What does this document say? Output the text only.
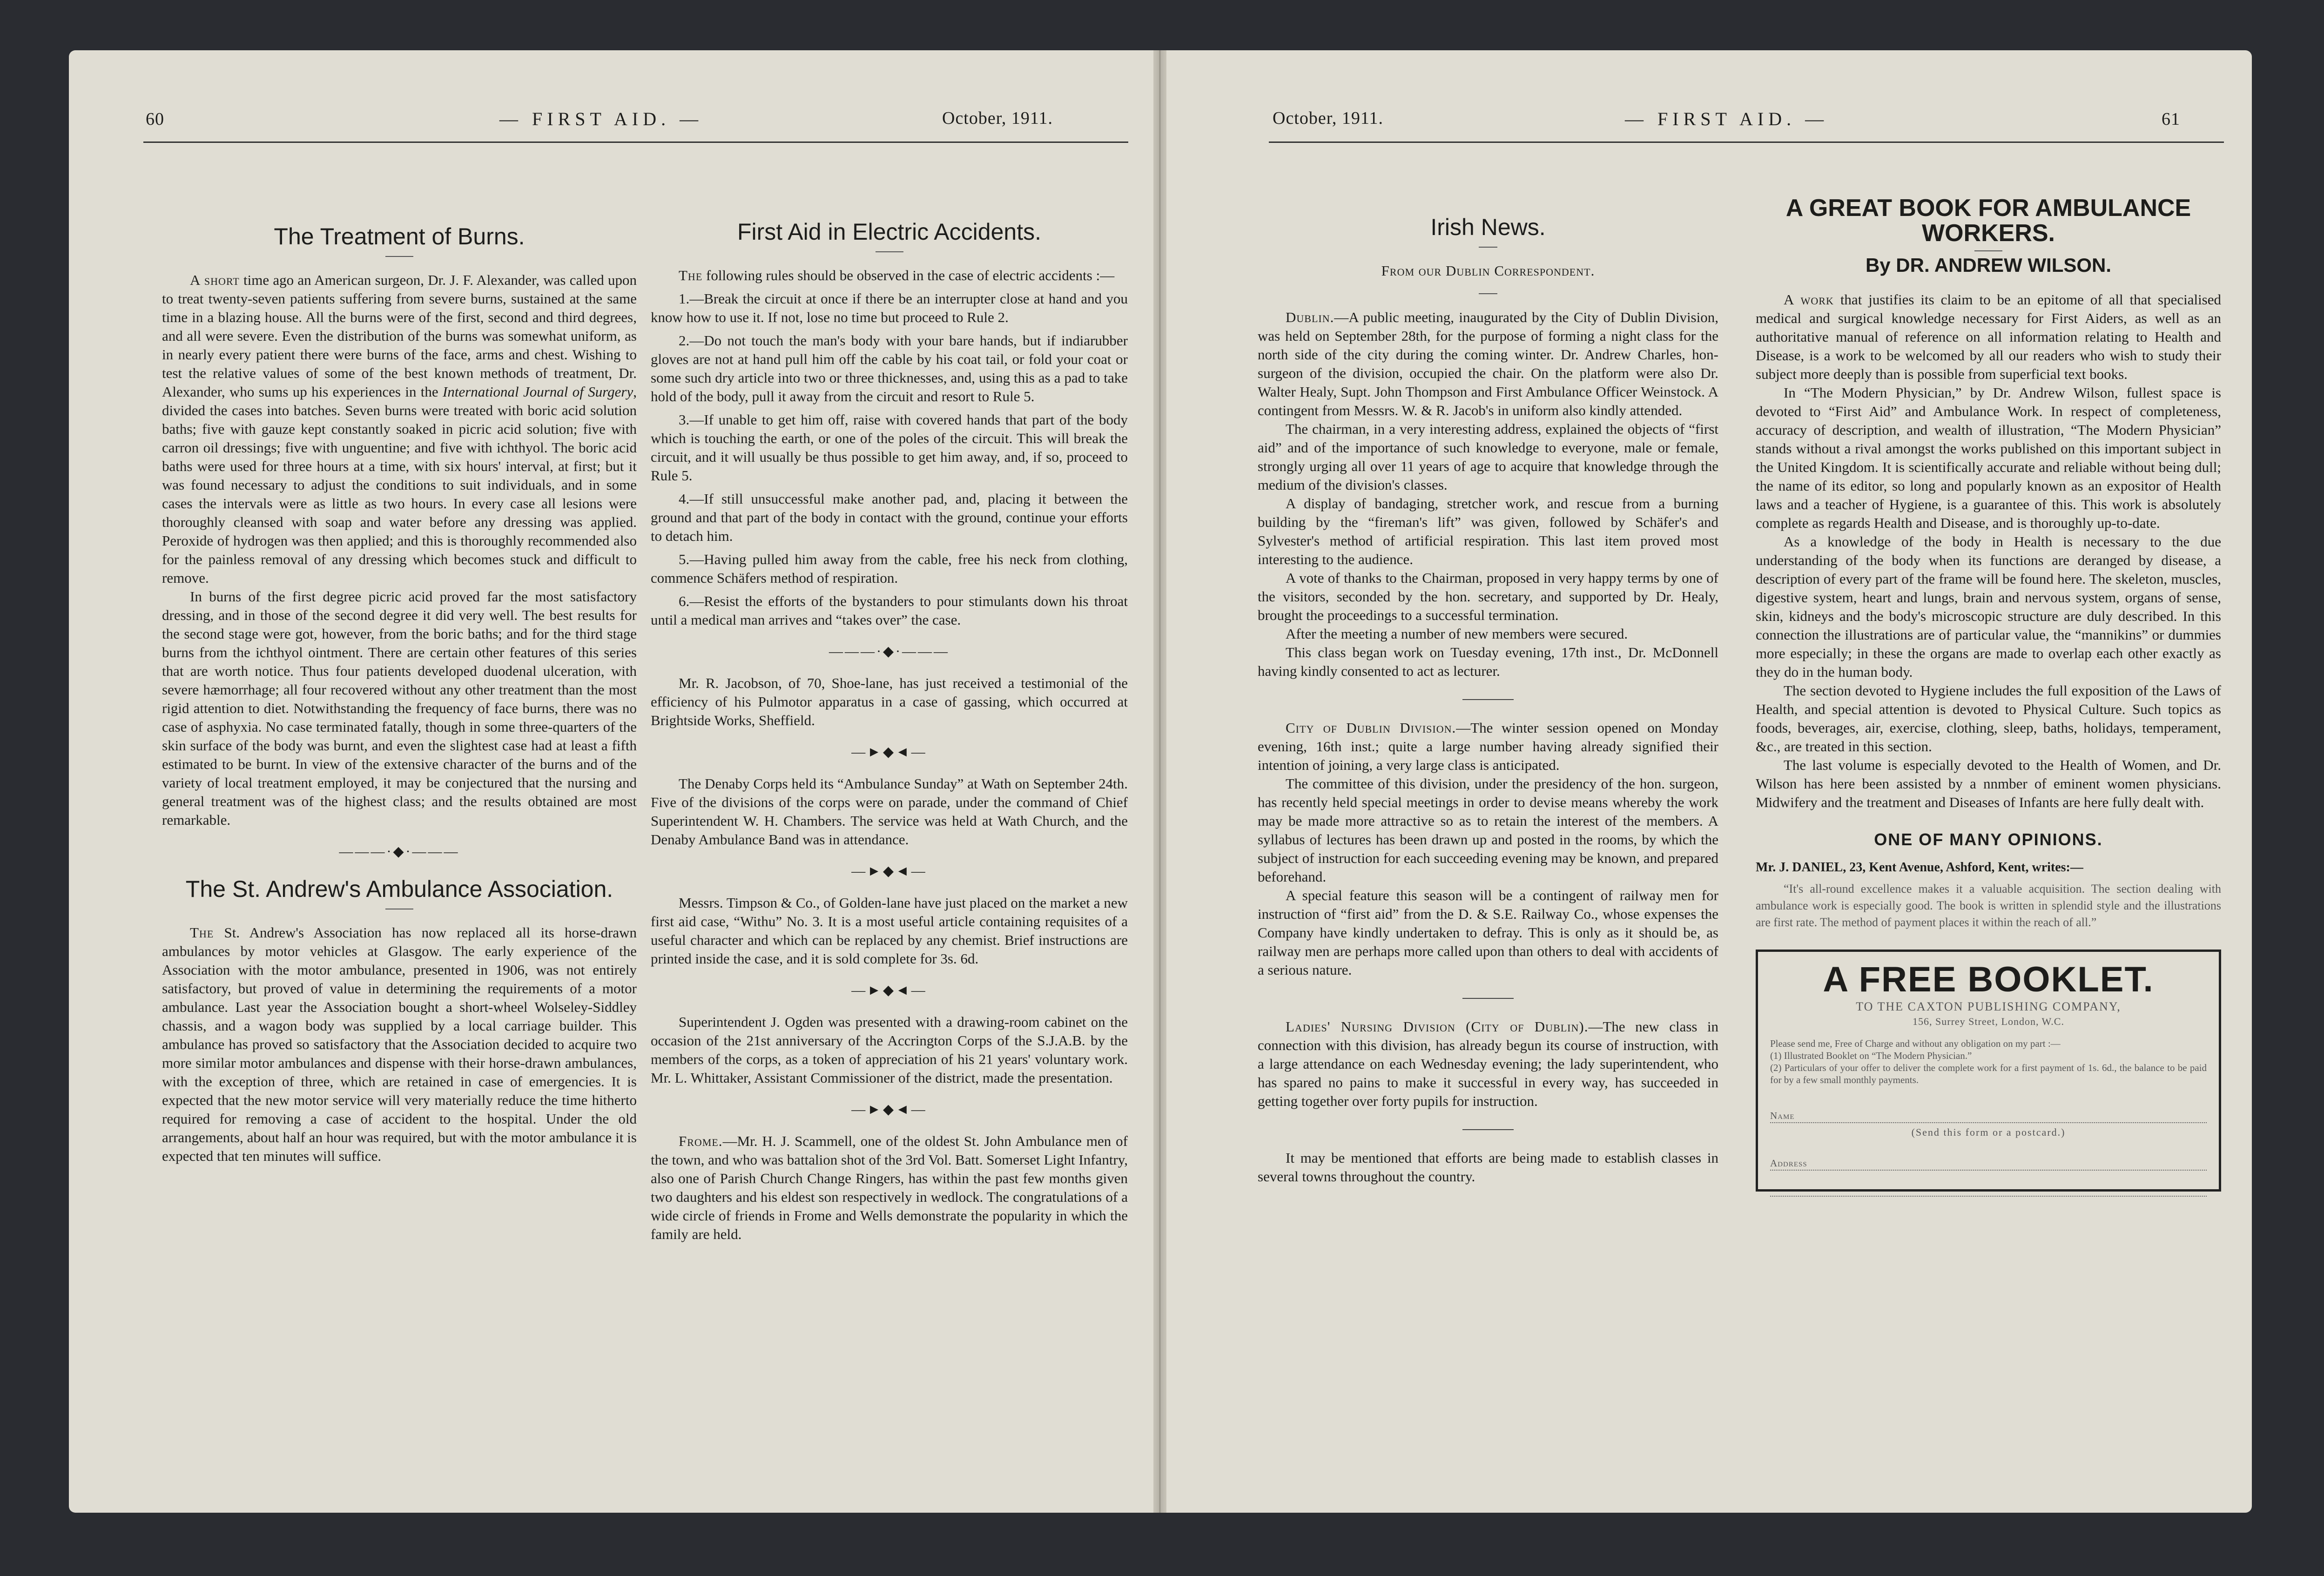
60	— FIRST AID. —	October, 1911.
The Treatment of Burns.

A short time ago an American surgeon, Dr. J. F. Alexander, was called upon to treat twenty-seven patients suffering from severe burns, sustained at the same time in a blazing house. All the burns were of the first, second and third degrees, and all were severe. Even the distribution of the burns was somewhat uniform, as in nearly every patient there were burns of the face, arms and chest. Wishing to test the relative values of some of the best known methods of treatment, Dr. Alexander, who sums up his experiences in the International Journal of Surgery, divided the cases into batches. Seven burns were treated with boric acid solution baths; five with gauze kept constantly soaked in picric acid solution; five with carron oil dressings; five with unguentine; and five with ichthyol. The boric acid baths were used for three hours at a time, with six hours' interval, at first; but it was found necessary to adjust the conditions to suit individuals, and in some cases the intervals were as little as two hours. In every case all lesions were thoroughly cleansed with soap and water before any dressing was applied. Peroxide of hydrogen was then applied; and this is thoroughly recommended also for the painless removal of any dressing which becomes stuck and difficult to remove.

In burns of the first degree picric acid proved far the most satisfactory dressing, and in those of the second degree it did very well. The best results for the second stage were got, however, from the boric baths; and for the third stage burns from the ichthyol ointment. There are certain other features of this series that are worth notice. Thus four patients developed duodenal ulceration, with severe hæmorrhage; all four recovered without any other treatment than the most rigid attention to diet. Notwithstanding the frequency of face burns, there was no case of asphyxia. No case terminated fatally, though in some three-quarters of the skin surface of the body was burnt, and even the slightest case had at least a fifth estimated to be burnt. In view of the extensive character of the burns and of the variety of local treatment employed, it may be conjectured that the nursing and general treatment was of the highest class; and the results obtained are most remarkable.

———·◆·———
The St. Andrew's Ambulance Association.

The St. Andrew's Association has now replaced all its horse-drawn ambulances by motor vehicles at Glasgow. The early experience of the Association with the motor ambulance, presented in 1906, was not entirely satisfactory, but proved of value in determining the requirements of a motor ambulance. Last year the Association bought a short-wheel Wolseley-Siddley chassis, and a wagon body was supplied by a local carriage builder. This ambulance has proved so satisfactory that the Association decided to acquire two more similar motor ambulances and dispense with their horse-drawn ambulances, with the exception of three, which are retained in case of emergencies. It is expected that the new motor service will very materially reduce the time hitherto required for removing a case of accident to the hospital. Under the old arrangements, about half an hour was required, but with the motor ambulance it is expected that ten minutes will suffice.

First Aid in Electric Accidents.

The following rules should be observed in the case of electric accidents :—

1.—Break the circuit at once if there be an interrupter close at hand and you know how to use it. If not, lose no time but proceed to Rule 2.

2.—Do not touch the man's body with your bare hands, but if indiarubber gloves are not at hand pull him off the cable by his coat tail, or fold your coat or some such dry article into two or three thicknesses, and, using this as a pad to take hold of the body, pull it away from the circuit and resort to Rule 5.

3.—If unable to get him off, raise with covered hands that part of the body which is touching the earth, or one of the poles of the circuit. This will break the circuit, and it will usually be thus possible to get him away, and, if so, proceed to Rule 5.

4.—If still unsuccessful make another pad, and, placing it between the ground and that part of the body in contact with the ground, continue your efforts to detach him.

5.—Having pulled him away from the cable, free his neck from clothing, commence Schäfers method of respiration.

6.—Resist the efforts of the bystanders to pour stimulants down his throat until a medical man arrives and “takes over” the case.

———·◆·———

Mr. R. Jacobson, of 70, Shoe-lane, has just received a testimonial of the efficiency of his Pulmotor apparatus in a case of gassing, which occurred at Brightside Works, Sheffield.

—►◆◄—

The Denaby Corps held its “Ambulance Sunday” at Wath on September 24th. Five of the divisions of the corps were on parade, under the command of Chief Superintendent W. H. Chambers. The service was held at Wath Church, and the Denaby Ambulance Band was in attendance.

—►◆◄—

Messrs. Timpson & Co., of Golden-lane have just placed on the market a new first aid case, “Withu” No. 3. It is a most useful article containing requisites of a useful character and which can be replaced by any chemist. Brief instructions are printed inside the case, and it is sold complete for 3s. 6d.

—►◆◄—

Superintendent J. Ogden was presented with a drawing-room cabinet on the occasion of the 21st anniversary of the Accrington Corps of the S.J.A.B. by the members of the corps, as a token of appreciation of his 21 years' voluntary work. Mr. L. Whittaker, Assistant Commissioner of the district, made the presentation.

—►◆◄—

Frome.—Mr. H. J. Scammell, one of the oldest St. John Ambulance men of the town, and who was battalion shot of the 3rd Vol. Batt. Somerset Light Infantry, also one of Parish Church Change Ringers, has within the past few months given two daughters and his eldest son respectively in wedlock. The congratulations of a wide circle of friends in Frome and Wells demonstrate the popularity in which the family are held.

October, 1911.	— FIRST AID. —	61
Irish News.
From our Dublin Correspondent.

Dublin.—A public meeting, inaugurated by the City of Dublin Division, was held on September 28th, for the purpose of forming a night class for the north side of the city during the coming winter. Dr. Andrew Charles, hon-surgeon of the division, occupied the chair. On the platform were also Dr. Walter Healy, Supt. John Thompson and First Ambulance Officer Weinstock. A contingent from Messrs. W. & R. Jacob's in uniform also kindly attended.

The chairman, in a very interesting address, explained the objects of “first aid” and of the importance of such knowledge to everyone, male or female, strongly urging all over 11 years of age to acquire that knowledge through the medium of the division's classes.

A display of bandaging, stretcher work, and rescue from a burning building by the “fireman's lift” was given, followed by Schäfer's and Sylvester's method of artificial respiration. This last item proved most interesting to the audience.

A vote of thanks to the Chairman, proposed in very happy terms by one of the visitors, seconded by the hon. secretary, and supported by Dr. Healy, brought the proceedings to a successful termination.

After the meeting a number of new members were secured.

This class began work on Tuesday evening, 17th inst., Dr. McDonnell having kindly consented to act as lecturer.

City of Dublin Division.—The winter session opened on Monday evening, 16th inst.; quite a large number having already signified their intention of joining, a very large class is anticipated.

The committee of this division, under the presidency of the hon. surgeon, has recently held special meetings in order to devise means whereby the work may be made more attractive so as to retain the interest of the members. A syllabus of lectures has been drawn up and posted in the rooms, by which the subject of instruction for each succeeding evening may be known, and prepared beforehand.

A special feature this season will be a contingent of railway men for instruction of “first aid” from the D. & S.E. Railway Co., whose expenses the Company have kindly undertaken to defray. This is only as it should be, as railway men are perhaps more called upon than others to deal with accidents of a serious nature.

Ladies' Nursing Division (City of Dublin).—The new class in connection with this division, has already begun its course of instruction, with a large attendance on each Wednesday evening; the lady superintendent, who has spared no pains to make it successful in every way, has succeeded in getting together over forty pupils for instruction.

It may be mentioned that efforts are being made to establish classes in several towns throughout the country.

A GREAT BOOK FOR AMBULANCE WORKERS.
By DR. ANDREW WILSON.

A work that justifies its claim to be an epitome of all that specialised medical and surgical knowledge necessary for First Aiders, as well as an authoritative manual of reference on all information relating to Health and Disease, is a work to be welcomed by all our readers who wish to study their subject more deeply than is possible from superficial text books.

In “The Modern Physician,” by Dr. Andrew Wilson, fullest space is devoted to “First Aid” and Ambulance Work. In respect of completeness, accuracy of description, and wealth of illustration, “The Modern Physician” stands without a rival amongst the works published on this important subject in the United Kingdom. It is scientifically accurate and reliable without being dull; the name of its editor, so long and popularly known as an expositor of Health laws and a teacher of Hygiene, is a guarantee of this. This work is absolutely complete as regards Health and Disease, and is thoroughly up-to-date.

As a knowledge of the body in Health is necessary to the due understanding of the body when its functions are deranged by disease, a description of every part of the frame will be found here. The skeleton, muscles, digestive system, heart and lungs, brain and nervous system, organs of sense, skin, kidneys and the body's microscopic structure are duly described. In this connection the illustrations are of particular value, the “mannikins” or dummies more especially; in these the organs are made to overlap each other exactly as they do in the human body.

The section devoted to Hygiene includes the full exposition of the Laws of Health, and special attention is devoted to Physical Culture. Such topics as foods, beverages, air, exercise, clothing, sleep, baths, holidays, temperament, &c., are treated in this section.

The last volume is especially devoted to the Health of Women, and Dr. Wilson has here been assisted by a nnmber of eminent women physicians. Midwifery and the treatment and Diseases of Infants are here fully dealt with.

ONE OF MANY OPINIONS.
Mr. J. DANIEL, 23, Kent Avenue, Ashford, Kent, writes:—

“It's all-round excellence makes it a valuable acquisition. The section dealing with ambulance work is especially good. The book is written in splendid style and the illustrations are first rate. The method of payment places it within the reach of all.”

A FREE BOOKLET.
TO THE CAXTON PUBLISHING COMPANY,
156, Surrey Street, London, W.C.
Please send me, Free of Charge and without any obligation on my part :—
(1) Illustrated Booklet on “The Modern Physician.”
(2) Particulars of your offer to deliver the complete work for a first payment of 1s. 6d., the balance to be paid for by a few small monthly payments.
Name
(Send this form or a postcard.)
Address
